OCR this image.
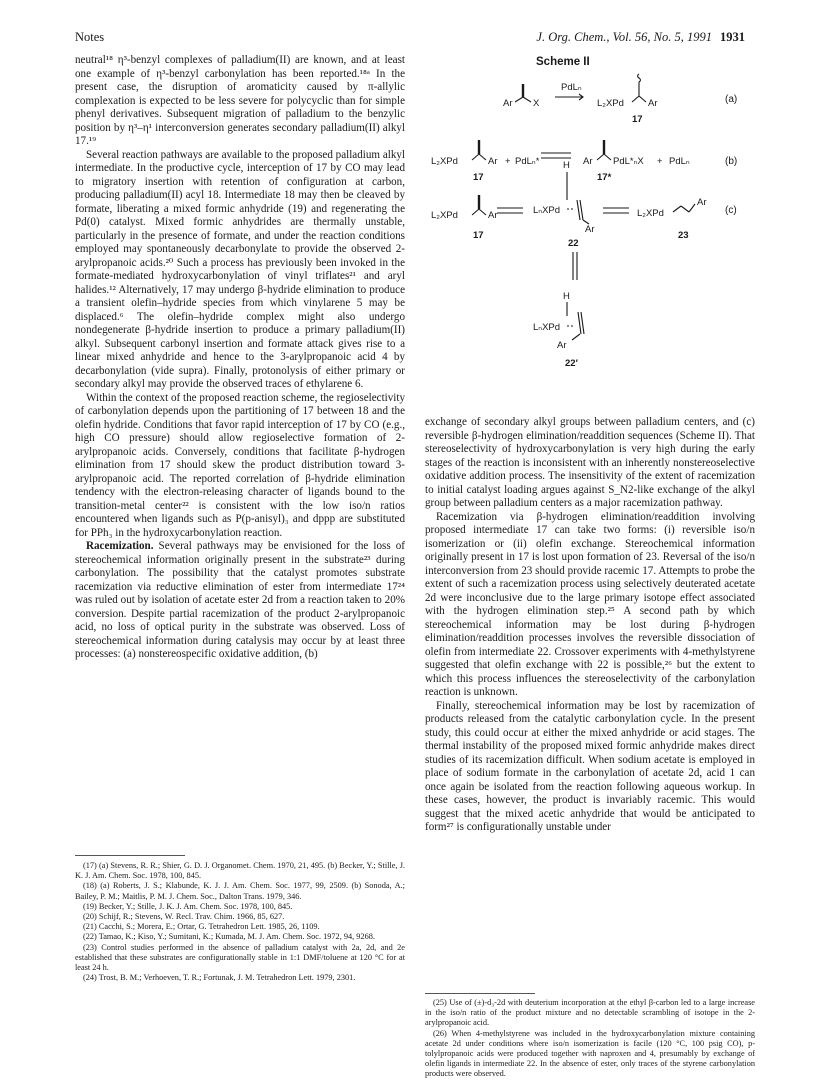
Notes	J. Org. Chem., Vol. 56, No. 5, 1991 1931

neutral¹⁸ η³-benzyl complexes of palladium(II) are known, and at least one example of η³-benzyl carbonylation has been reported.¹⁸ᵃ In the present case, the disruption of aromaticity caused by π-allylic complexation is expected to be less severe for polycyclic than for simple phenyl derivatives. Subsequent migration of palladium to the benzylic position by η³–η¹ interconversion generates secondary palladium(II) alkyl 17.¹⁹

Several reaction pathways are available to the proposed palladium alkyl intermediate. In the productive cycle, interception of 17 by CO may lead to migratory insertion with retention of configuration at carbon, producing palladium(II) acyl 18. Intermediate 18 may then be cleaved by formate, liberating a mixed formic anhydride (19) and regenerating the Pd(0) catalyst. Mixed formic anhydrides are thermally unstable, particularly in the presence of formate, and under the reaction conditions employed may spontaneously decarbonylate to provide the observed 2-arylpropanoic acids.²⁰ Such a process has previously been invoked in the formate-mediated hydroxycarbonylation of vinyl triflates²¹ and aryl halides.¹² Alternatively, 17 may undergo β-hydride elimination to produce a transient olefin–hydride species from which vinylarene 5 may be displaced.⁶ The olefin–hydride complex might also undergo nondegenerate β-hydride insertion to produce a primary palladium(II) alkyl. Subsequent carbonyl insertion and formate attack gives rise to a linear mixed anhydride and hence to the 3-arylpropanoic acid 4 by decarbonylation (vide supra). Finally, protonolysis of either primary or secondary alkyl may provide the observed traces of ethylarene 6.

Within the context of the proposed reaction scheme, the regioselectivity of carbonylation depends upon the partitioning of 17 between 18 and the olefin hydride. Conditions that favor rapid interception of 17 by CO (e.g., high CO pressure) should allow regioselective formation of 2-arylpropanoic acids. Conversely, conditions that facilitate β-hydrogen elimination from 17 should skew the product distribution toward 3-arylpropanoic acid. The reported correlation of β-hydride elimination tendency with the electron-releasing character of ligands bound to the transition-metal center²² is consistent with the low iso/n ratios encountered when ligands such as P(p-anisyl)₃ and dppp are substituted for PPh₃ in the hydroxycarbonylation reaction.

Racemization. Several pathways may be envisioned for the loss of stereochemical information originally present in the substrate²³ during carbonylation. The possibility that the catalyst promotes substrate racemization via reductive elimination of ester from intermediate 17²⁴ was ruled out by isolation of acetate ester 2d from a reaction taken to 20% conversion. Despite partial racemization of the product 2-arylpropanoic acid, no loss of optical purity in the substrate was observed. Loss of stereochemical information during catalysis may occur by at least three processes: (a) nonstereospecific oxidative addition, (b)

(17) (a) Stevens, R. R.; Shier, G. D. J. Organomet. Chem. 1970, 21, 495. (b) Becker, Y.; Stille, J. K. J. Am. Chem. Soc. 1978, 100, 845.

(18) (a) Roberts, J. S.; Klabunde, K. J. J. Am. Chem. Soc. 1977, 99, 2509. (b) Sonoda, A.; Bailey, P. M.; Maitlis, P. M. J. Chem. Soc., Dalton Trans. 1979, 346.

(19) Becker, Y.; Stille, J. K. J. Am. Chem. Soc. 1978, 100, 845.

(20) Schijf, R.; Stevens, W. Recl. Trav. Chim. 1966, 85, 627.

(21) Cacchi, S.; Morera, E.; Ortar, G. Tetrahedron Lett. 1985, 26, 1109.

(22) Tamao, K.; Kiso, Y.; Sumitani, K.; Kumada, M. J. Am. Chem. Soc. 1972, 94, 9268.

(23) Control studies performed in the absence of palladium catalyst with 2a, 2d, and 2e established that these substrates are configurationally stable in 1:1 DMF/toluene at 120 °C for at least 24 h.

(24) Trost, B. M.; Verhoeven, T. R.; Fortunak, J. M. Tetrahedron Lett. 1979, 2301.

Scheme II
Ar X
PdLₙ
L₂XPd	Ar
17
(a)
L₂XPd	Ar + PdLₙ*	Ar PdL*ₙX + PdLₙ	(b)
17	17*
L₂XPd	Ar
H
LₙXPd
Ar
L₂XPd
Ar
(c)
17
22
23
H
LₙXPd
Ar
22′

exchange of secondary alkyl groups between palladium centers, and (c) reversible β-hydrogen elimination/readdition sequences (Scheme II). That stereoselectivity of hydroxycarbonylation is very high during the early stages of the reaction is inconsistent with an inherently nonstereoselective oxidative addition process. The insensitivity of the extent of racemization to initial catalyst loading argues against S_N2-like exchange of the alkyl group between palladium centers as a major racemization pathway.

Racemization via β-hydrogen elimination/readdition involving proposed intermediate 17 can take two forms: (i) reversible iso/n isomerization or (ii) olefin exchange. Stereochemical information originally present in 17 is lost upon formation of 23. Reversal of the iso/n interconversion from 23 should provide racemic 17. Attempts to probe the extent of such a racemization process using selectively deuterated acetate 2d were inconclusive due to the large primary isotope effect associated with the hydrogen elimination step.²⁵ A second path by which stereochemical information may be lost during β-hydrogen elimination/readdition processes involves the reversible dissociation of olefin from intermediate 22. Crossover experiments with 4-methylstyrene suggested that olefin exchange with 22 is possible,²⁶ but the extent to which this process influences the stereoselectivity of the carbonylation reaction is unknown.

Finally, stereochemical information may be lost by racemization of products released from the catalytic carbonylation cycle. In the present study, this could occur at either the mixed anhydride or acid stages. The thermal instability of the proposed mixed formic anhydride makes direct studies of its racemization difficult. When sodium acetate is employed in place of sodium formate in the carbonylation of acetate 2d, acid 1 can once again be isolated from the reaction following aqueous workup. In these cases, however, the product is invariably racemic. This would suggest that the mixed acetic anhydride that would be anticipated to form²⁷ is configurationally unstable under

(25) Use of (±)-d₃-2d with deuterium incorporation at the ethyl β-carbon led to a large increase in the iso/n ratio of the product mixture and no detectable scrambling of isotope in the 2-arylpropanoic acid.

(26) When 4-methylstyrene was included in the hydroxycarbonylation mixture containing acetate 2d under conditions where iso/n isomerization is facile (120 °C, 100 psig CO), p-tolylpropanoic acids were produced together with naproxen and 4, presumably by exchange of olefin ligands in intermediate 22. In the absence of ester, only traces of the styrene carbonylation products were observed.
